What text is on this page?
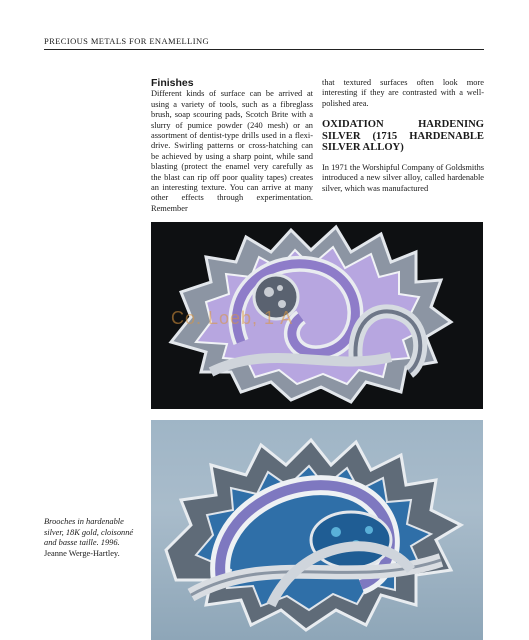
PRECIOUS METALS FOR ENAMELLING
Finishes

Different kinds of surface can be arrived at using a variety of tools, such as a fibreglass brush, soap scouring pads, Scotch Brite with a slurry of pumice powder (240 mesh) or an assortment of dentist-type drills used in a flexi-drive. Swirling patterns or cross-hatching can be achieved by using a sharp point, while sand blasting (protect the enamel very carefully as the blast can rip off poor quality tapes) creates an interesting texture. You can arrive at many other effects through experimentation. Remember

that textured surfaces often look more interesting if they are contrasted with a well-polished area.

OXIDATION HARDENING SILVER (1715 HARDENABLE SILVER ALLOY)

In 1971 the Worshipful Company of Goldsmiths introduced a new silver alloy, called hardenable silver, which was manufactured

Co. Loeb, 1 A
Brooches in hardenable silver, 18K gold, cloisonné and basse taille. 1996. Jeanne Werge-Hartley.
